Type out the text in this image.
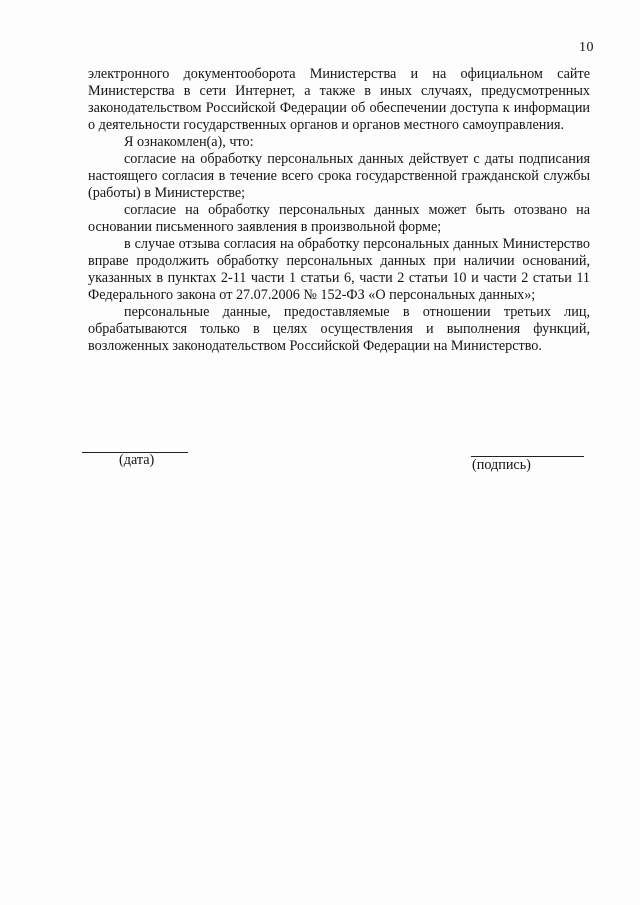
10

электронного документооборота Министерства и на официальном сайте Министерства в сети Интернет, а также в иных случаях, предусмотренных законодательством Российской Федерации об обеспечении доступа к информации о деятельности государственных органов и органов местного самоуправления.

Я ознакомлен(а), что:

согласие на обработку персональных данных действует с даты подписания настоящего согласия в течение всего срока государственной гражданской службы (работы) в Министерстве;

согласие на обработку персональных данных может быть отозвано на основании письменного заявления в произвольной форме;

в случае отзыва согласия на обработку персональных данных Министерство вправе продолжить обработку персональных данных при наличии оснований, указанных в пунктах 2-11 части 1 статьи 6, части 2 статьи 10 и части 2 статьи 11 Федерального закона от 27.07.2006 № 152-ФЗ «О персональных данных»;

персональные данные, предоставляемые в отношении третьих лиц, обрабатываются только в целях осуществления и выполнения функций, возложенных законодательством Российской Федерации на Министерство.

(дата)	(подпись)
